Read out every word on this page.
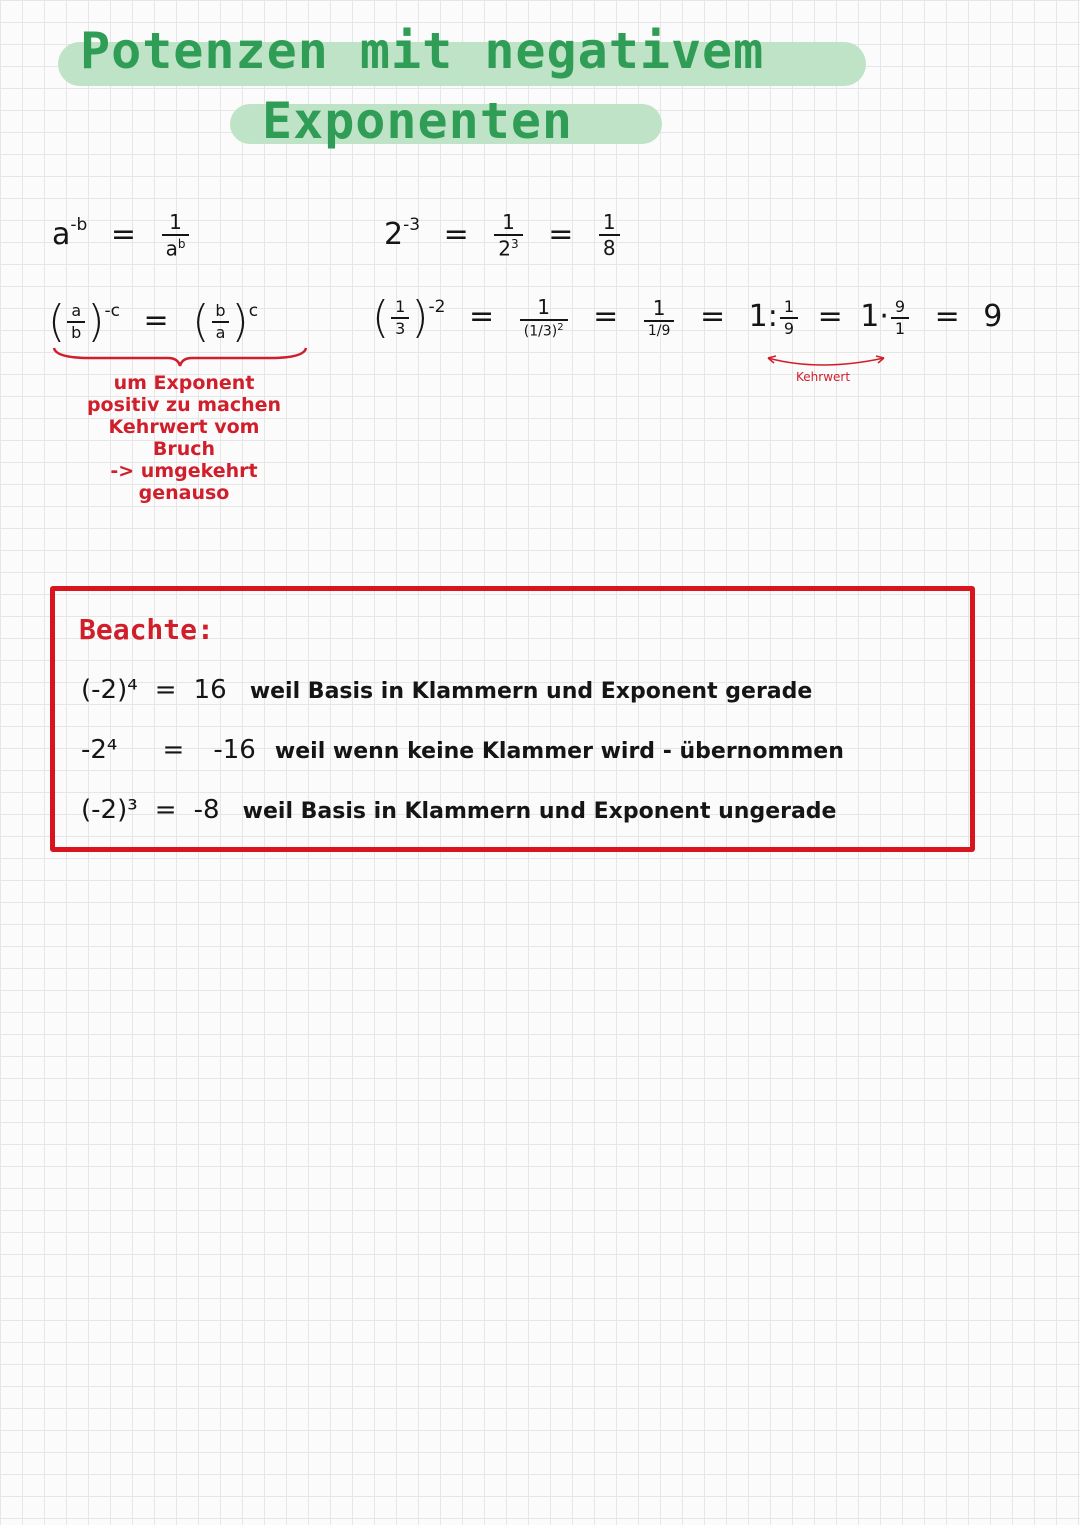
Potenzen mit negativem
Exponenten
$a^{-b} = \frac{1}{a^b}$
( $\frac{a}{b} )^{-c}$ = ( $\frac{b}{a} )^c$
um Exponent
positiv zu machen
Kehrwert vom
Bruch
-> umgekehrt
genauso
$2^{-3} = \frac{1}{2^3} = \frac{1}{8}$
( $\frac{1}{3} )^{-2} = \frac{1}{(1/3)^2} = \frac{1}{1/9} = 1$: $\frac{1}{9} = 1\cdot \frac{9}{1} = 9$
Kehrwert
Beachte:
(-2)⁴ = 16 weil Basis in Klammern und Exponent gerade
-2⁴ = -16 weil wenn keine Klammer wird - übernommen
(-2)³ = -8 weil Basis in Klammern und Exponent ungerade
